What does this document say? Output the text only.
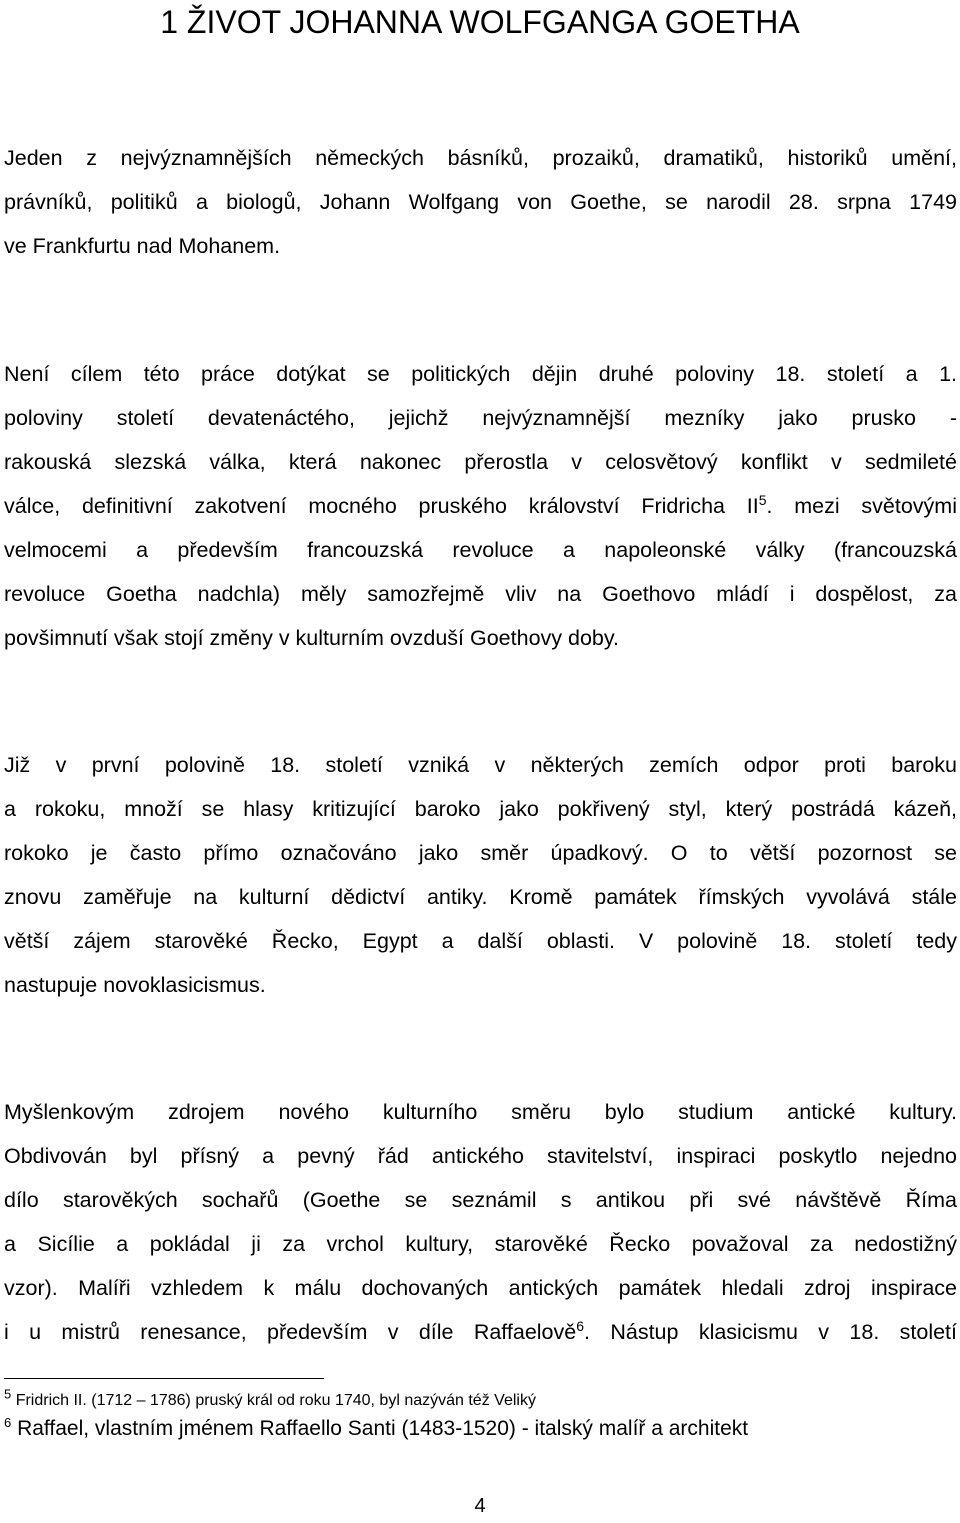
1 ŽIVOT JOHANNA WOLFGANGA GOETHA

Jeden z nejvýznamnějších německých básníků, prozaiků, dramatiků, historiků umění,
právníků, politiků a biologů, Johann Wolfgang von Goethe, se narodil 28. srpna 1749
ve Frankfurtu nad Mohanem.

Není cílem této práce dotýkat se politických dějin druhé poloviny 18. století a 1.
poloviny století devatenáctého, jejichž nejvýznamnější mezníky jako prusko -
rakouská slezská válka, která nakonec přerostla v celosvětový konflikt v sedmileté
válce, definitivní zakotvení mocného pruského království Fridricha $II^5$. mezi světovými
velmocemi a především francouzská revoluce a napoleonské války (francouzská
revoluce Goetha nadchla) měly samozřejmě vliv na Goethovo mládí i dospělost, za
povšimnutí však stojí změny v kulturním ovzduší Goethovy doby.

Již v první polovině 18. století vzniká v některých zemích odpor proti baroku
a rokoku, množí se hlasy kritizující baroko jako pokřivený styl, který postrádá kázeň,
rokoko je často přímo označováno jako směr úpadkový. O to větší pozornost se
znovu zaměřuje na kulturní dědictví antiky. Kromě památek římských vyvolává stále
větší zájem starověké Řecko, Egypt a další oblasti. V polovině 18. století tedy
nastupuje novoklasicismus.

Myšlenkovým zdrojem nového kulturního směru bylo studium antické kultury.
Obdivován byl přísný a pevný řád antického stavitelství, inspiraci poskytlo nejedno
dílo starověkých sochařů (Goethe se seznámil s antikou při své návštěvě Říma
a Sicílie a pokládal ji za vrchol kultury, starověké Řecko považoval za nedostižný
vzor). Malíři vzhledem k málu dochovaných antických památek hledali zdroj inspirace
i u mistrů renesance, především v díle Raffaelově$^6$. Nástup klasicismu v 18. století

$^5$ Fridrich II. (1712 – 1786) pruský král od roku 1740, byl nazýván též Veliký

$^6$ Raffael, vlastním jménem Raffaello Santi (1483-1520) - italský malíř a architekt

4
